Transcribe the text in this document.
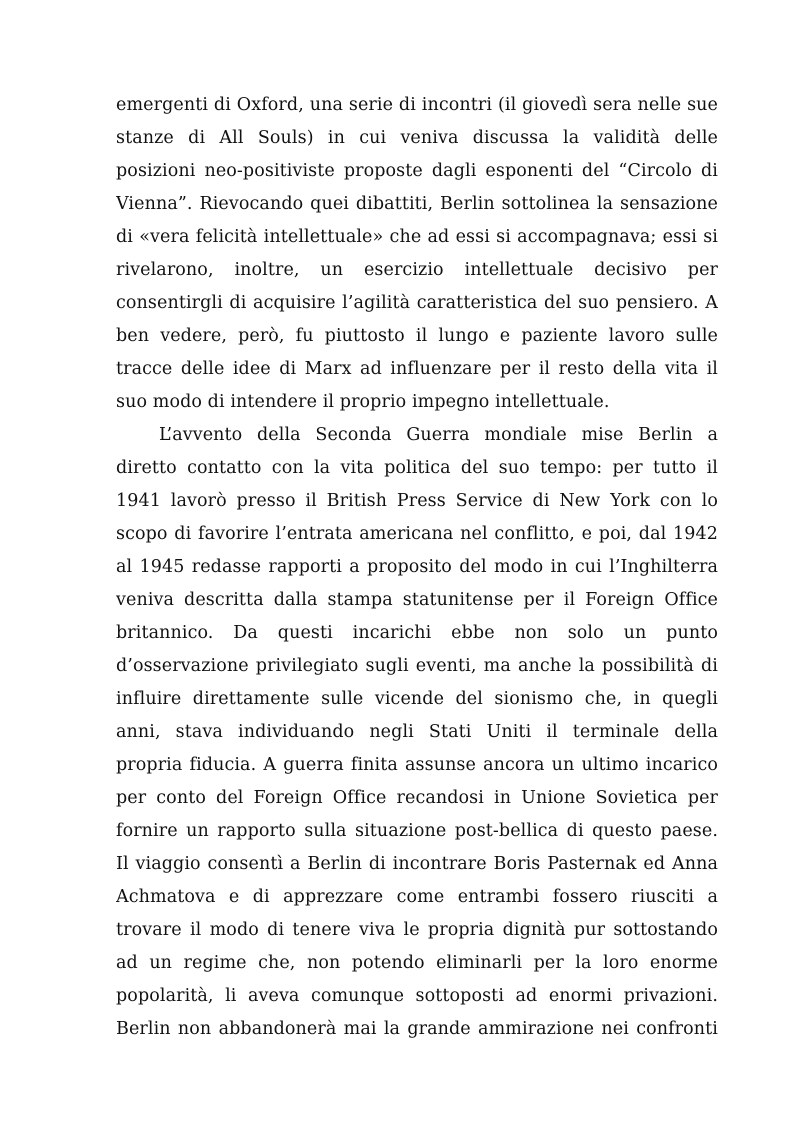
emergenti di Oxford, una serie di incontri (il giovedì sera nelle sue
stanze di All Souls) in cui veniva discussa la validità delle
posizioni neo-positiviste proposte dagli esponenti del “Circolo di
Vienna”. Rievocando quei dibattiti, Berlin sottolinea la sensazione
di «vera felicità intellettuale» che ad essi si accompagnava; essi si
rivelarono, inoltre, un esercizio intellettuale decisivo per
consentirgli di acquisire l’agilità caratteristica del suo pensiero. A
ben vedere, però, fu piuttosto il lungo e paziente lavoro sulle
tracce delle idee di Marx ad influenzare per il resto della vita il
suo modo di intendere il proprio impegno intellettuale.
L’avvento della Seconda Guerra mondiale mise Berlin a
diretto contatto con la vita politica del suo tempo: per tutto il
1941 lavorò presso il British Press Service di New York con lo
scopo di favorire l’entrata americana nel conflitto, e poi, dal 1942
al 1945 redasse rapporti a proposito del modo in cui l’Inghilterra
veniva descritta dalla stampa statunitense per il Foreign Office
britannico. Da questi incarichi ebbe non solo un punto
d’osservazione privilegiato sugli eventi, ma anche la possibilità di
influire direttamente sulle vicende del sionismo che, in quegli
anni, stava individuando negli Stati Uniti il terminale della
propria fiducia. A guerra finita assunse ancora un ultimo incarico
per conto del Foreign Office recandosi in Unione Sovietica per
fornire un rapporto sulla situazione post-bellica di questo paese.
Il viaggio consentì a Berlin di incontrare Boris Pasternak ed Anna
Achmatova e di apprezzare come entrambi fossero riusciti a
trovare il modo di tenere viva le propria dignità pur sottostando
ad un regime che, non potendo eliminarli per la loro enorme
popolarità, li aveva comunque sottoposti ad enormi privazioni.
Berlin non abbandonerà mai la grande ammirazione nei confronti
